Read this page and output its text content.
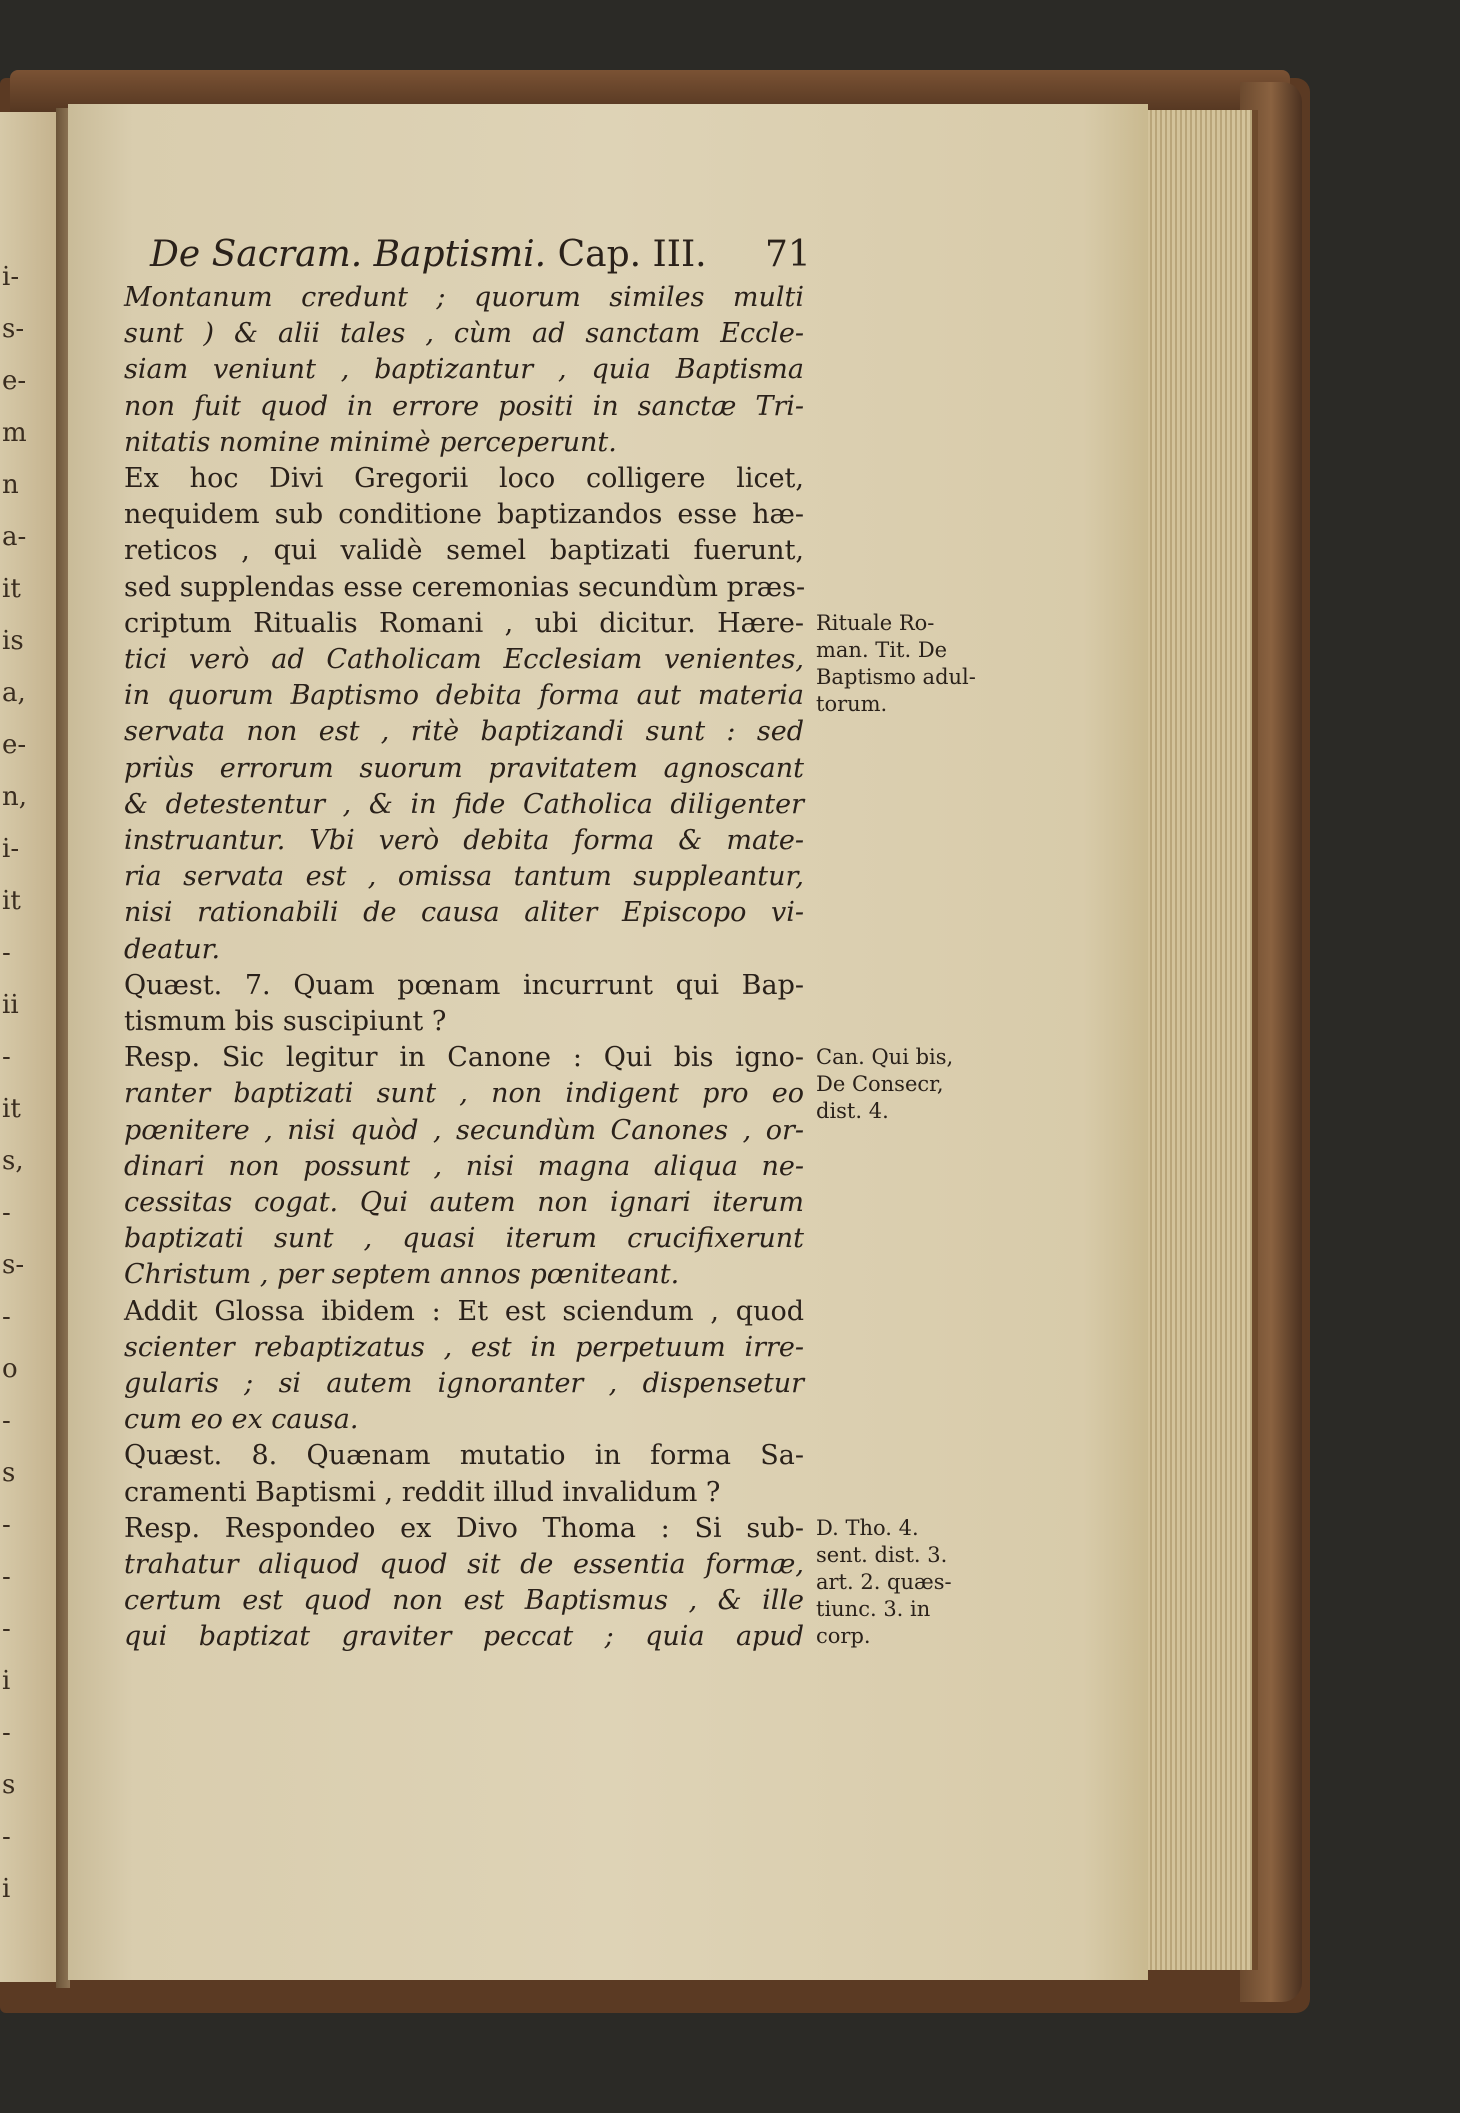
i-
s-
e-
m
n
a-
it
is
a,
e-
n,
i-
it
-
ii
-
it
s,
-
s-
-
o
-
s
-
-
-
i
-
s
-
i
De Sacram. Baptismi. Cap. III. 71
Montanum credunt ; quorum similes multi
sunt ) & alii tales , cùm ad sanctam Eccle-
siam veniunt , baptizantur , quia Baptisma
non fuit quod in errore positi in sanctæ Tri-
nitatis nomine minimè perceperunt.
Ex hoc Divi Gregorii loco colligere licet,
nequidem sub conditione baptizandos esse hæ-
reticos , qui validè semel baptizati fuerunt,
sed supplendas esse ceremonias secundùm præs-
criptum Ritualis Romani , ubi dicitur. Hære-
tici verò ad Catholicam Ecclesiam venientes,
in quorum Baptismo debita forma aut materia
servata non est , ritè baptizandi sunt : sed
priùs errorum suorum pravitatem agnoscant
& detestentur , & in fide Catholica diligenter
instruantur. Vbi verò debita forma & mate-
ria servata est , omissa tantum suppleantur,
nisi rationabili de causa aliter Episcopo vi-
deatur.
Quæst. 7. Quam pœnam incurrunt qui Bap-
tismum bis suscipiunt ?
Resp. Sic legitur in Canone : Qui bis igno-
ranter baptizati sunt , non indigent pro eo
pœnitere , nisi quòd , secundùm Canones , or-
dinari non possunt , nisi magna aliqua ne-
cessitas cogat. Qui autem non ignari iterum
baptizati sunt , quasi iterum crucifixerunt
Christum , per septem annos pœniteant.
Addit Glossa ibidem : Et est sciendum , quod
scienter rebaptizatus , est in perpetuum irre-
gularis ; si autem ignoranter , dispensetur
cum eo ex causa.
Quæst. 8. Quænam mutatio in forma Sa-
cramenti Baptismi , reddit illud invalidum ?
Resp. Respondeo ex Divo Thoma : Si sub-
trahatur aliquod quod sit de essentia formæ,
certum est quod non est Baptismus , & ille
qui baptizat graviter peccat ; quia apud
Rituale Ro-
man. Tit. De
Baptismo adul-
torum.
Can. Qui bis,
De Consecr,
dist. 4.
D. Tho. 4.
sent. dist. 3.
art. 2. quæs-
tiunc. 3. in
corp.
